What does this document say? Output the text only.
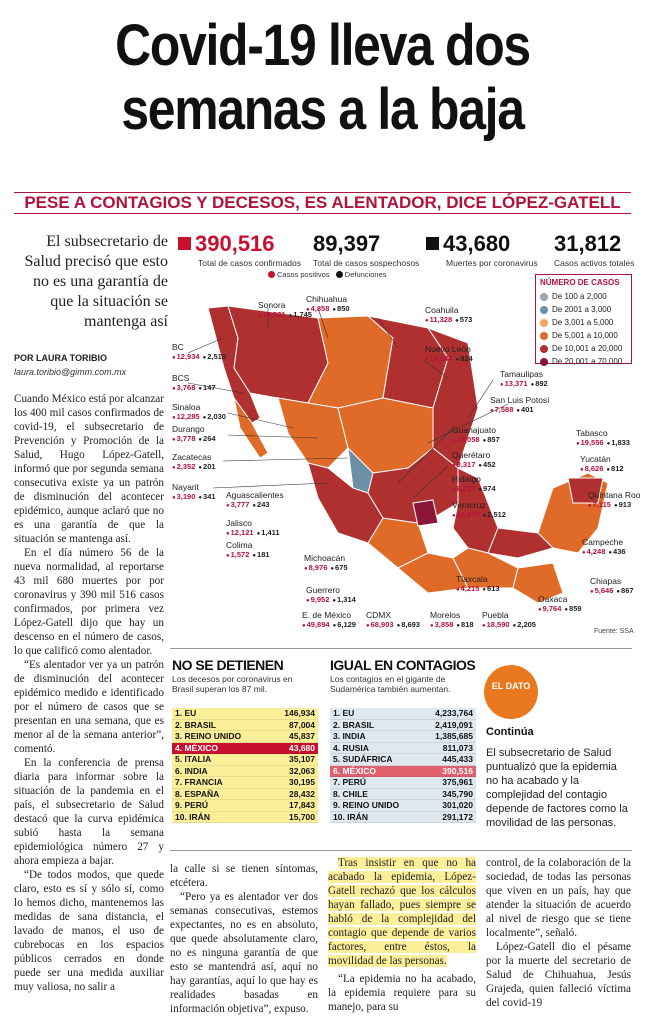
Covid-19 lleva dos
semanas a la baja
PESE A CONTAGIOS Y DECESOS, ES ALENTADOR, DICE LÓPEZ-GATELL
El subsecretario de Salud precisó que esto no es una garantía de que la situación se mantenga así
POR LAURA TORIBIO
laura.toribio@gimm.com.mx

Cuando México está por alcanzar los 400 mil casos confirmados de covid-19, el subsecretario de Prevención y Promoción de la Salud, Hugo López-Gatell, informó que por segunda semana consecutiva existe ya un patrón de disminución del acontecer epidémico, aunque aclaró que no es una garantía de que la situación se mantenga así.

En el día número 56 de la nueva normalidad, al reportarse 43 mil 680 muertes por por coronavirus y 390 mil 516 casos confirmados, por primera vez López-Gatell dijo que hay un descenso en el número de casos, lo que calificó como alentador.

“Es alentador ver ya un patrón de disminución del acontecer epidémico medido e identificado por el número de casos que se presentan en una semana, que es menor al de la semana anterior”, comentó.

En la conferencia de prensa diaria para informar sobre la situación de la pandemia en el país, el subsecretario de Salud destacó que la curva epidémica subió hasta la semana epidemiológica número 27 y ahora empieza a bajar.

“De todos modos, que quede claro, esto es sí y sólo sí, como lo hemos dicho, mantenemos las medidas de sana distancia, el lavado de manos, el uso de cubrebocas en los espacios públicos cerrados en donde puede ser una medida auxiliar muy valiosa, no salir a

390,516
Total de casos confirmados
89,397
Total de casos sospechosos
43,680
Muertes por coronavirus
31,812
Casos activos totales
Casos positivos Defunciones
Sonora
● 16,521 ● 1,745
Chihuahua
● 4,858 ● 850	Coahuila
● 11,328 ● 573
BC
● 12,934 ● 2,515
Nuevo León
● 15,144 ● 924
BCS
● 3,768 ● 147
Tamaulipas
● 13,371 ● 892
Sinaloa
● 12,285 ● 2,030
San Luis Potosí
● 7,588 ● 401
Durango
● 3,778 ● 264
Guanajuato
● 18,058 ● 857
Tabasco
● 19,556 ● 1,833
Zacatecas
● 2,352 ● 201
Querétaro
● 3,317 ● 452
Yucatán
● 8,626 ● 812
Nayarit
● 3,190 ● 341
Hidalgo
● 6,237 ● 974
Aguascalientes
● 3,777 ● 243
Quintana Roo
● 7,115 ● 913
Veracruz
● 18,974 ● 2,512
Jalisco
● 12,121 ● 1,411
Campeche
● 4,248 ● 436
Colima
● 1,572 ● 181	Michoacán
● 8,976 ● 675
Tlaxcala
● 4,215 ● 613
Chiapas
● 5,646 ● 867
Oaxaca
● 9,764 ● 859
Guerrero
● 9,952 ● 1,314
E. de México
● 49,894 ● 6,129
CDMX
● 68,903 ● 8,693
Morelos
● 3,858 ● 818
Puebla
● 18,590 ● 2,205
NÚMERO DE CASOS
De 100 a 2,000
De 2001 a 3,000
De 3,001 a 5,000
De 5,001 a 10,000
De 10,001 a 20,000
De 20,001 a 70,000
Fuente: SSA
NO SE DETIENEN
Los decesos por coronavirus en Brasil superan los 87 mil.
1. EU	146,934
2. BRASIL	87,004
3. REINO UNIDO	45,837
4. MÉXICO	43,680
5. ITALIA	35,107
6. INDIA	32,063
7. FRANCIA	30,195
8. ESPAÑA	28,432
9. PERÚ	17,843
10. IRÁN	15,700
IGUAL EN CONTAGIOS
Los contagios en el gigante de Sudamérica también aumentan.
1. EU	4,233,764
2. BRASIL	2,419,091
3. INDIA	1,385,685
4. RUSIA	811,073
5. SUDÁFRICA	445,433
6. MÉXICO	390,516
7. PERÚ	375,961
8. CHILE	345,790
9. REINO UNIDO	301,020
10. IRÁN	291,172
EL DATO
Continúa
El subsecretario de Salud puntualizó que la epidemia no ha acabado y la complejidad del contagio depende de factores como la movilidad de las personas.

la calle si se tienen síntomas, etcétera.

“Pero ya es alentador ver dos semanas consecutivas, estemos expectantes, no es en absoluto, que quede absolutamente claro, no es ninguna garantía de que esto se mantendrá así, aquí no hay garantías, aquí lo que hay es realidades basadas en información objetiva”, expuso.

Tras insistir en que no ha acabado la epidemia, López-Gatell rechazó que los cálculos hayan fallado, pues siempre se habló de la complejidad del contagio que depende de varios factores, entre éstos, la movilidad de las personas.

“La epidemia no ha acabado, la epidemia requiere para su manejo, para su

control, de la colaboración de la sociedad, de todas las personas que viven en un país, hay que atender la situación de acuerdo al nivel de riesgo que se tiene localmente”, señaló.

López-Gatell dio el pésame por la muerte del secretario de Salud de Chihuahua, Jesús Grajeda, quien falleció víctima del covid-19
